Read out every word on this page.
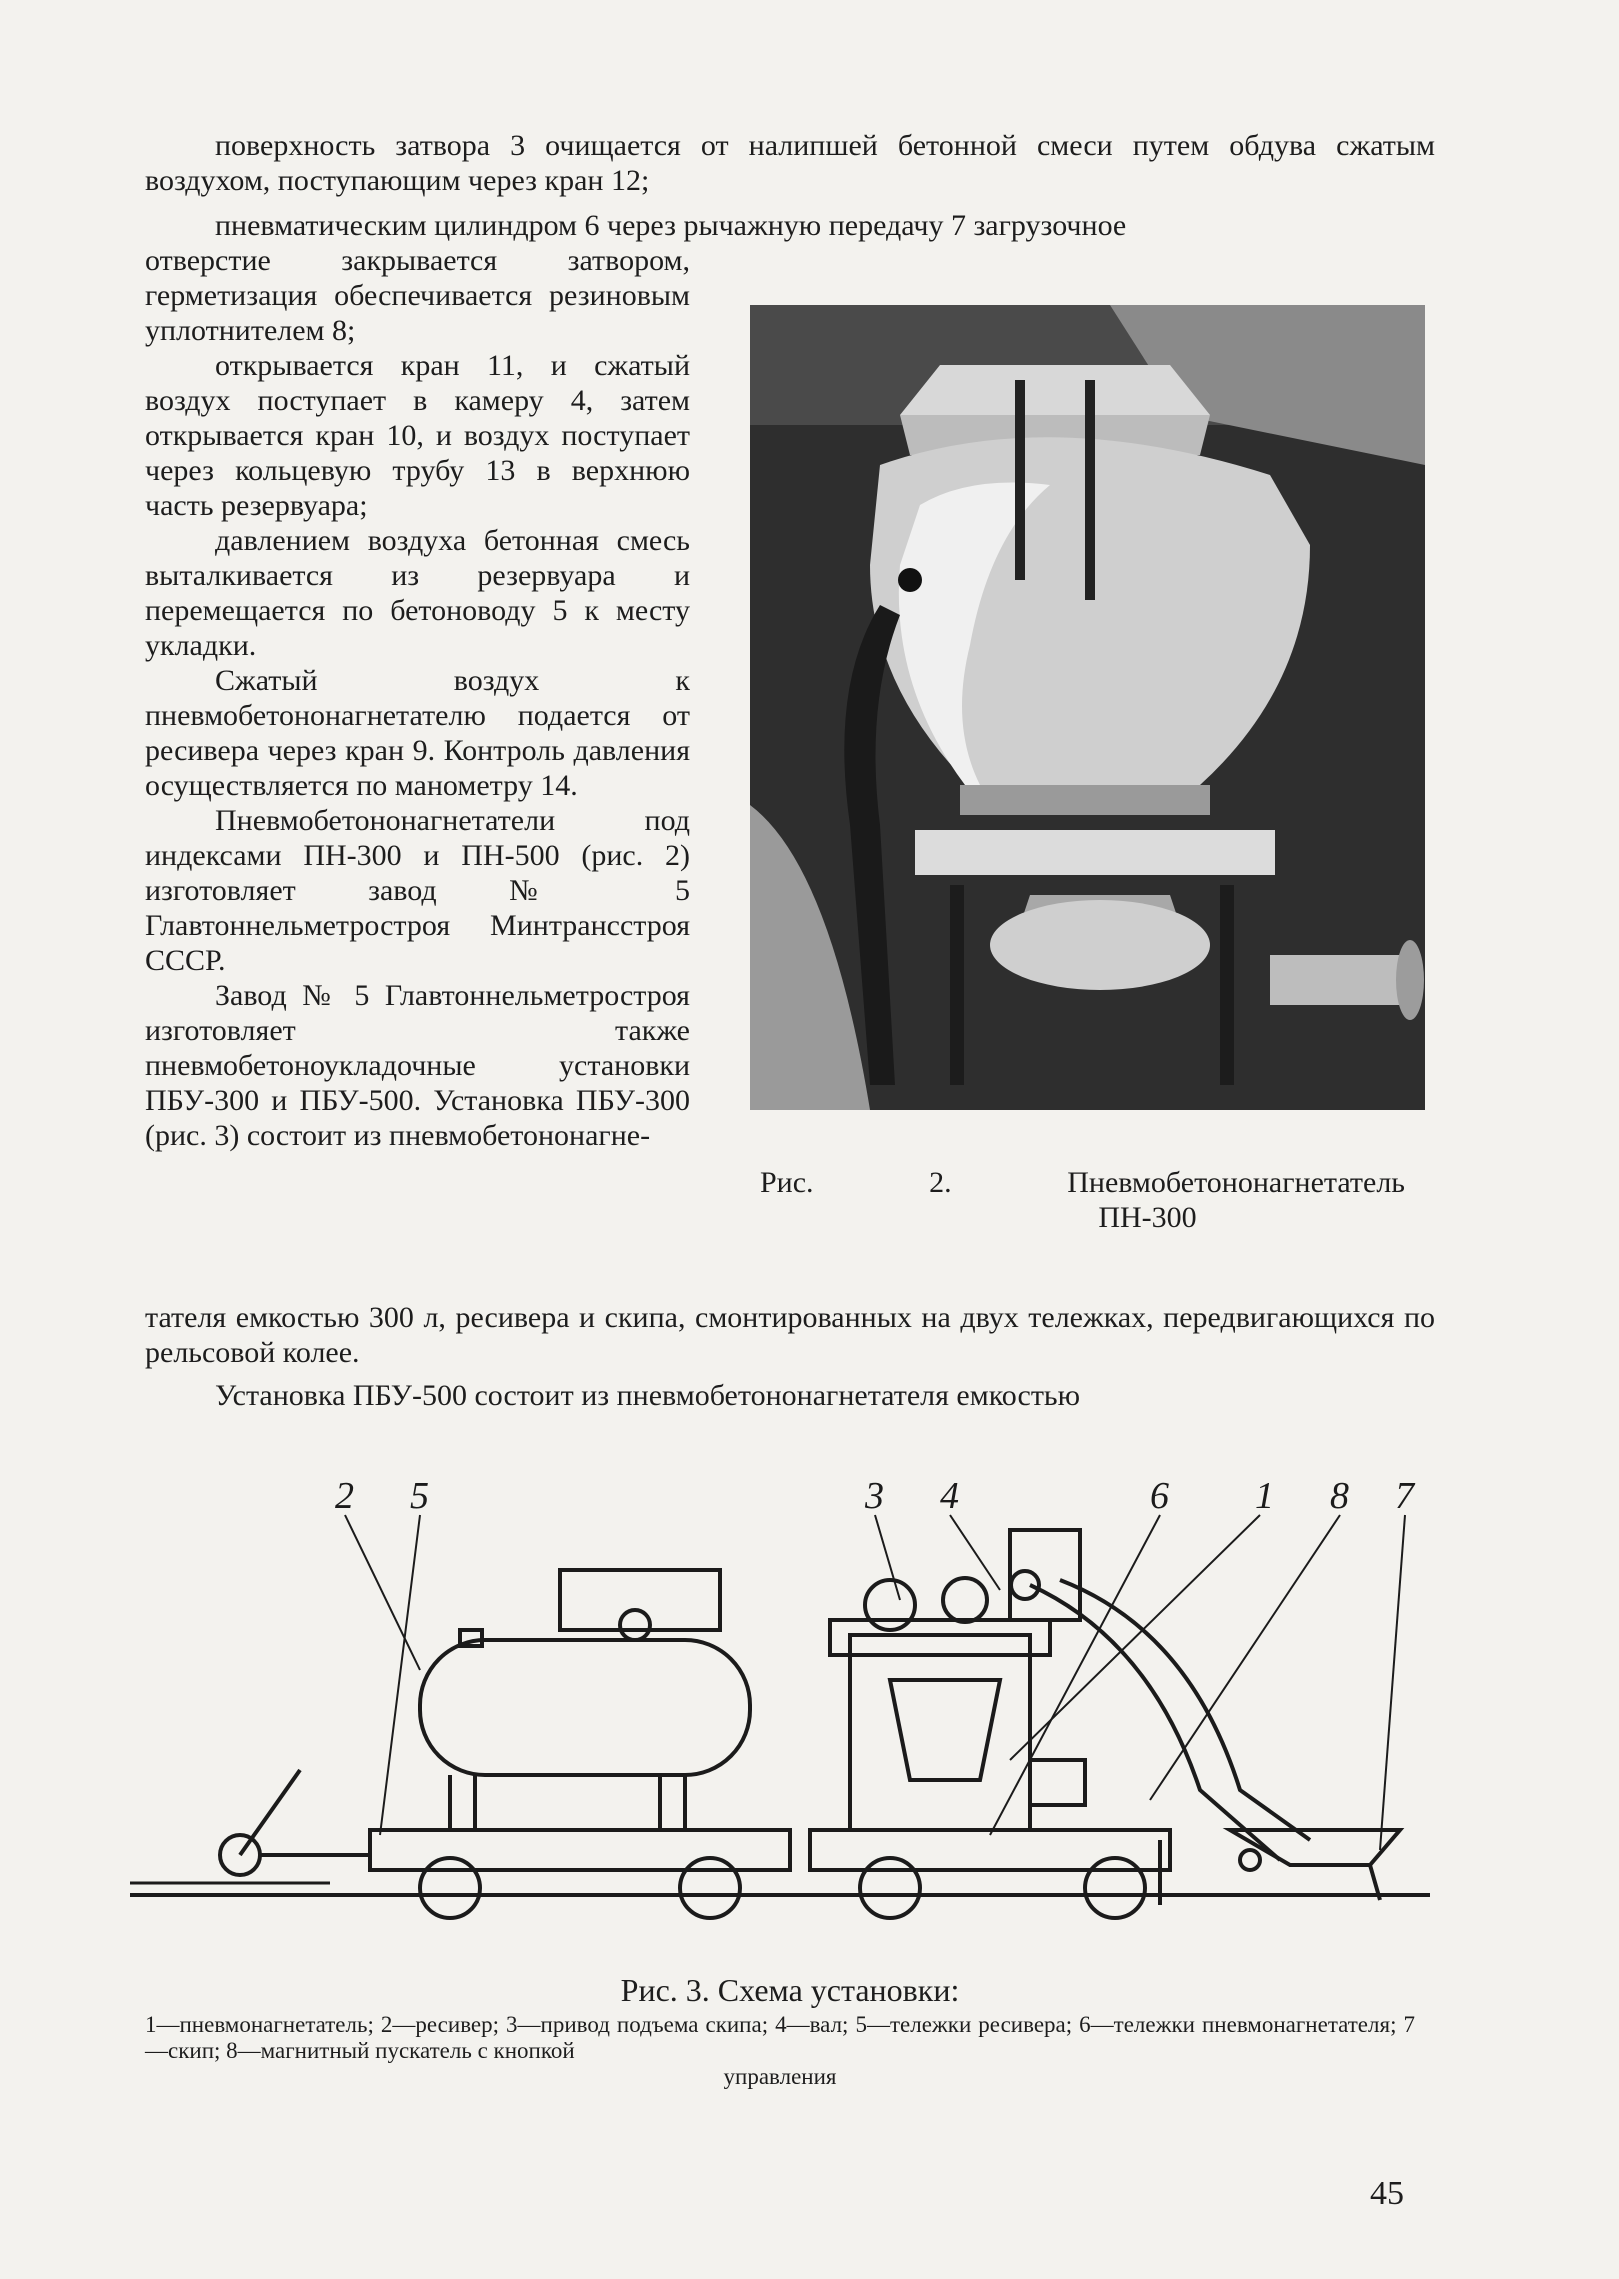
поверхность затвора 3 очищается от налипшей бетонной смеси путем обдува сжатым воздухом, поступающим через кран 12;

пневматическим цилиндром 6 через рычажную передачу 7 загрузочное

отверстие закрывается затвором, герметизация обеспечивается резиновым уплотнителем 8;

открывается кран 11, и сжатый воздух поступает в камеру 4, затем открывается кран 10, и воздух поступает через кольцевую трубу 13 в верхнюю часть резервуара;

давлением воздуха бетонная смесь выталкивается из резервуара и перемещается по бетоноводу 5 к месту укладки.

Сжатый воздух к пневмобетононагнетателю подается от ресивера через кран 9. Контроль давления осуществляется по манометру 14.

Пневмобетононагнетатели под индексами ПН-300 и ПН-500 (рис. 2) изготовляет завод № 5 Главтоннельметростроя Минтрансстроя СССР.

Завод № 5 Главтоннельметростроя изготовляет также пневмобетоноукладочные установки ПБУ-300 и ПБУ-500. Установка ПБУ-300 (рис. 3) состоит из пневмобетононагне-

Рис.	2.	Пневмобетононагнетатель
ПН-300

тателя емкостью 300 л, ресивера и скипа, смонтированных на двух тележках, передвигающихся по рельсовой колее.

Установка ПБУ-500 состоит из пневмобетононагнетателя емкостью

2 5	3 4	6 1 8 7
Рис. 3. Схема установки:

1—пневмонагнетатель; 2—ресивер; 3—привод подъема скипа; 4—вал; 5—тележки ресивера; 6—тележки пневмонагнетателя; 7—скип; 8—магнитный пускатель с кнопкой

управления

45
